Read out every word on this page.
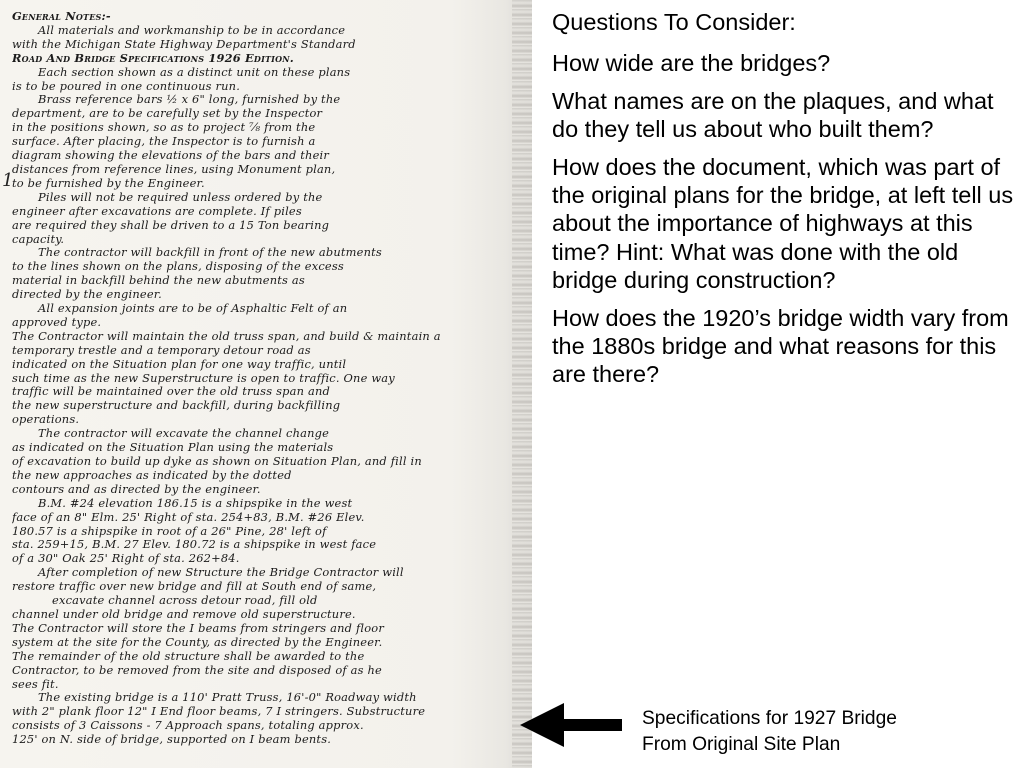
General Notes:-
All materials and workmanship to be in accordance
with the Michigan State Highway Department's Standard
Road And Bridge Specifications 1926 Edition.
Each section shown as a distinct unit on these plans
is to be poured in one continuous run.
Brass reference bars ½ x 6" long, furnished by the
department, are to be carefully set by the Inspector
in the positions shown, so as to project ⅞ from the
surface. After placing, the Inspector is to furnish a
diagram showing the elevations of the bars and their
distances from reference lines, using Monument plan,
to be furnished by the Engineer.
Piles will not be required unless ordered by the
engineer after excavations are complete. If piles
are required they shall be driven to a 15 Ton bearing
capacity.
The contractor will backfill in front of the new abutments
to the lines shown on the plans, disposing of the excess
material in backfill behind the new abutments as
directed by the engineer.
All expansion joints are to be of Asphaltic Felt of an
approved type.
The Contractor will maintain the old truss span, and build & maintain a
temporary trestle and a temporary detour road as
indicated on the Situation plan for one way traffic, until
such time as the new Superstructure is open to traffic. One way
traffic will be maintained over the old truss span and
the new superstructure and backfill, during backfilling
operations.
The contractor will excavate the channel change
as indicated on the Situation Plan using the materials
of excavation to build up dyke as shown on Situation Plan, and fill in
the new approaches as indicated by the dotted
contours and as directed by the engineer.
B.M. #24 elevation 186.15 is a shipspike in the west
face of an 8" Elm. 25' Right of sta. 254+83, B.M. #26 Elev.
180.57 is a shipspike in root of a 26" Pine, 28' left of
sta. 259+15, B.M. 27 Elev. 180.72 is a shipspike in west face
of a 30" Oak 25' Right of sta. 262+84.
After completion of new Structure the Bridge Contractor will
restore traffic over new bridge and fill at South end of same,
excavate channel across detour road, fill old
channel under old bridge and remove old superstructure.
The Contractor will store the I beams from stringers and floor
system at the site for the County, as directed by the Engineer.
The remainder of the old structure shall be awarded to the
Contractor, to be removed from the site and disposed of as he
sees fit.
The existing bridge is a 110' Pratt Truss, 16'-0" Roadway width
with 2" plank floor 12" I End floor beams, 7 I stringers. Substructure
consists of 3 Caissons - 7 Approach spans, totaling approx.
125' on N. side of bridge, supported on I beam bents.
1

Questions To Consider:

How wide are the bridges?

What names are on the plaques, and what do they tell us about who built them?

How does the document, which was part of the original plans for the bridge, at left tell us about the importance of highways at this time? Hint: What was done with the old bridge during construction?

How does the 1920’s bridge width vary from the 1880s bridge and what reasons for this are there?

Specifications for 1927 Bridge
From Original Site Plan
